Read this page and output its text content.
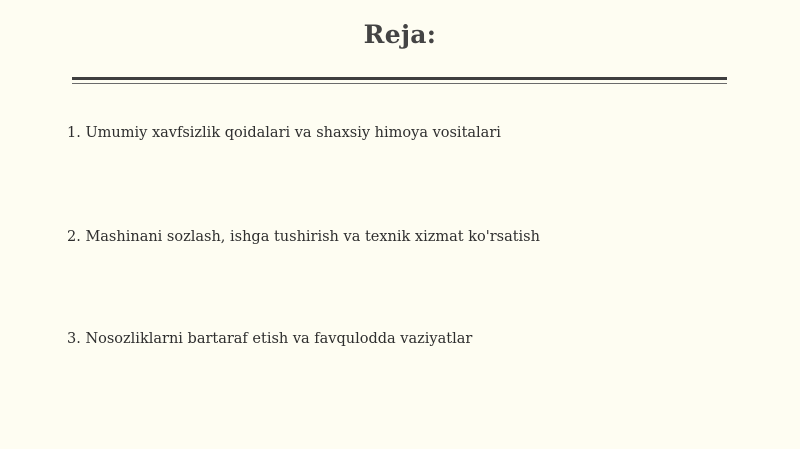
Reja:
1. Umumiy xavfsizlik qoidalari va shaxsiy himoya vositalari
2. Mashinani sozlash, ishga tushirish va texnik xizmat ko'rsatish
3. Nosozliklarni bartaraf etish va favqulodda vaziyatlar
